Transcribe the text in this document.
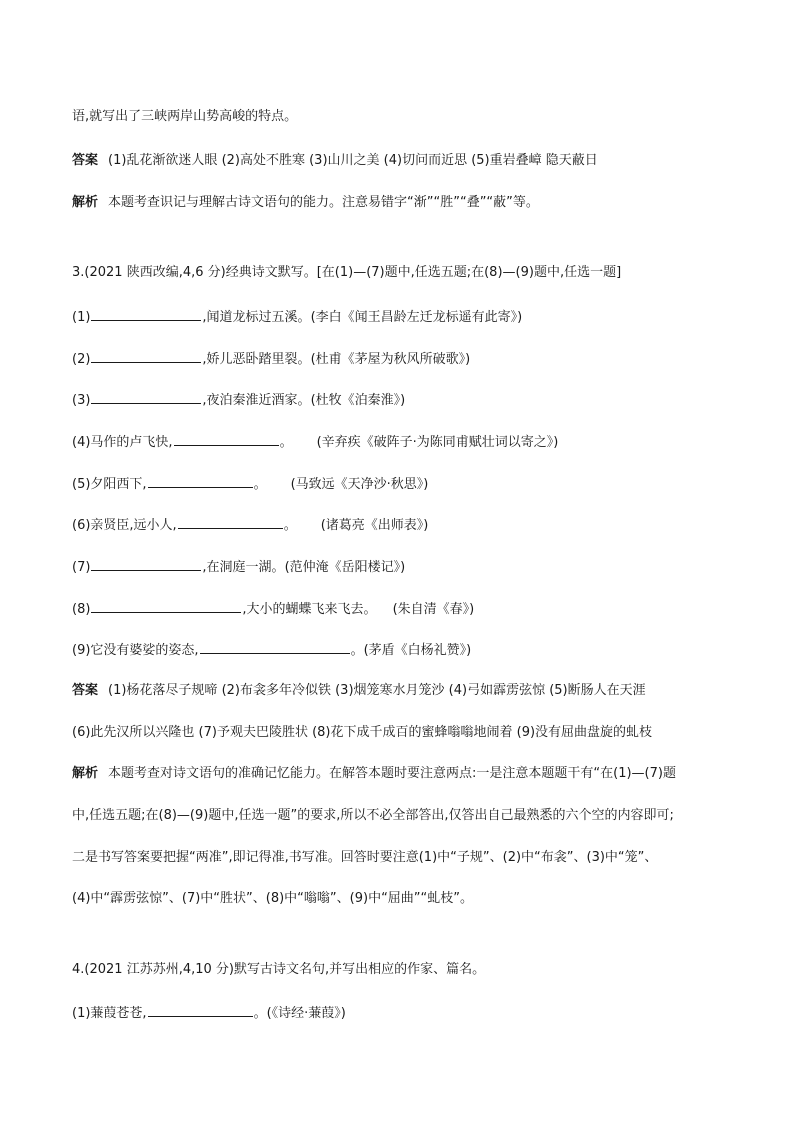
语,就写出了三峡两岸山势高峻的特点。
答案 (1)乱花渐欲迷人眼 (2)高处不胜寒 (3)山川之美 (4)切问而近思 (5)重岩叠嶂 隐天蔽日
解析 本题考查识记与理解古诗文语句的能力。注意易错字“渐”“胜”“叠”“蔽”等。
3.(2021 陕西改编,4,6 分)经典诗文默写。[在(1)—(7)题中,任选五题;在(8)—(9)题中,任选一题]
(1)	,闻道龙标过五溪。(李白《闻王昌龄左迁龙标遥有此寄》)
(2)	,娇儿恶卧踏里裂。(杜甫《茅屋为秋风所破歌》)
(3)	,夜泊秦淮近酒家。(杜牧《泊秦淮》)
(4)马作的卢飞快,	。 (辛弃疾《破阵子·为陈同甫赋壮词以寄之》)
(5)夕阳西下,	。 (马致远《天净沙·秋思》)
(6)亲贤臣,远小人,	。 (诸葛亮《出师表》)
(7)	,在洞庭一湖。(范仲淹《岳阳楼记》)
(8)	,大小的蝴蝶飞来飞去。 (朱自清《春》)
(9)它没有婆娑的姿态,	。(茅盾《白杨礼赞》)
答案 (1)杨花落尽子规啼 (2)布衾多年冷似铁 (3)烟笼寒水月笼沙 (4)弓如霹雳弦惊 (5)断肠人在天涯
(6)此先汉所以兴隆也 (7)予观夫巴陵胜状 (8)花下成千成百的蜜蜂嗡嗡地闹着 (9)没有屈曲盘旋的虬枝
解析 本题考查对诗文语句的准确记忆能力。在解答本题时要注意两点:一是注意本题题干有“在(1)—(7)题
中,任选五题;在(8)—(9)题中,任选一题”的要求,所以不必全部答出,仅答出自己最熟悉的六个空的内容即可;
二是书写答案要把握“两准”,即记得准,书写准。回答时要注意(1)中“子规”、(2)中“布衾”、(3)中“笼”、
(4)中“霹雳弦惊”、(7)中“胜状”、(8)中“嗡嗡”、(9)中“屈曲”“虬枝”。
4.(2021 江苏苏州,4,10 分)默写古诗文名句,并写出相应的作家、篇名。
(1)蒹葭苍苍,	。(《诗经·蒹葭》)
